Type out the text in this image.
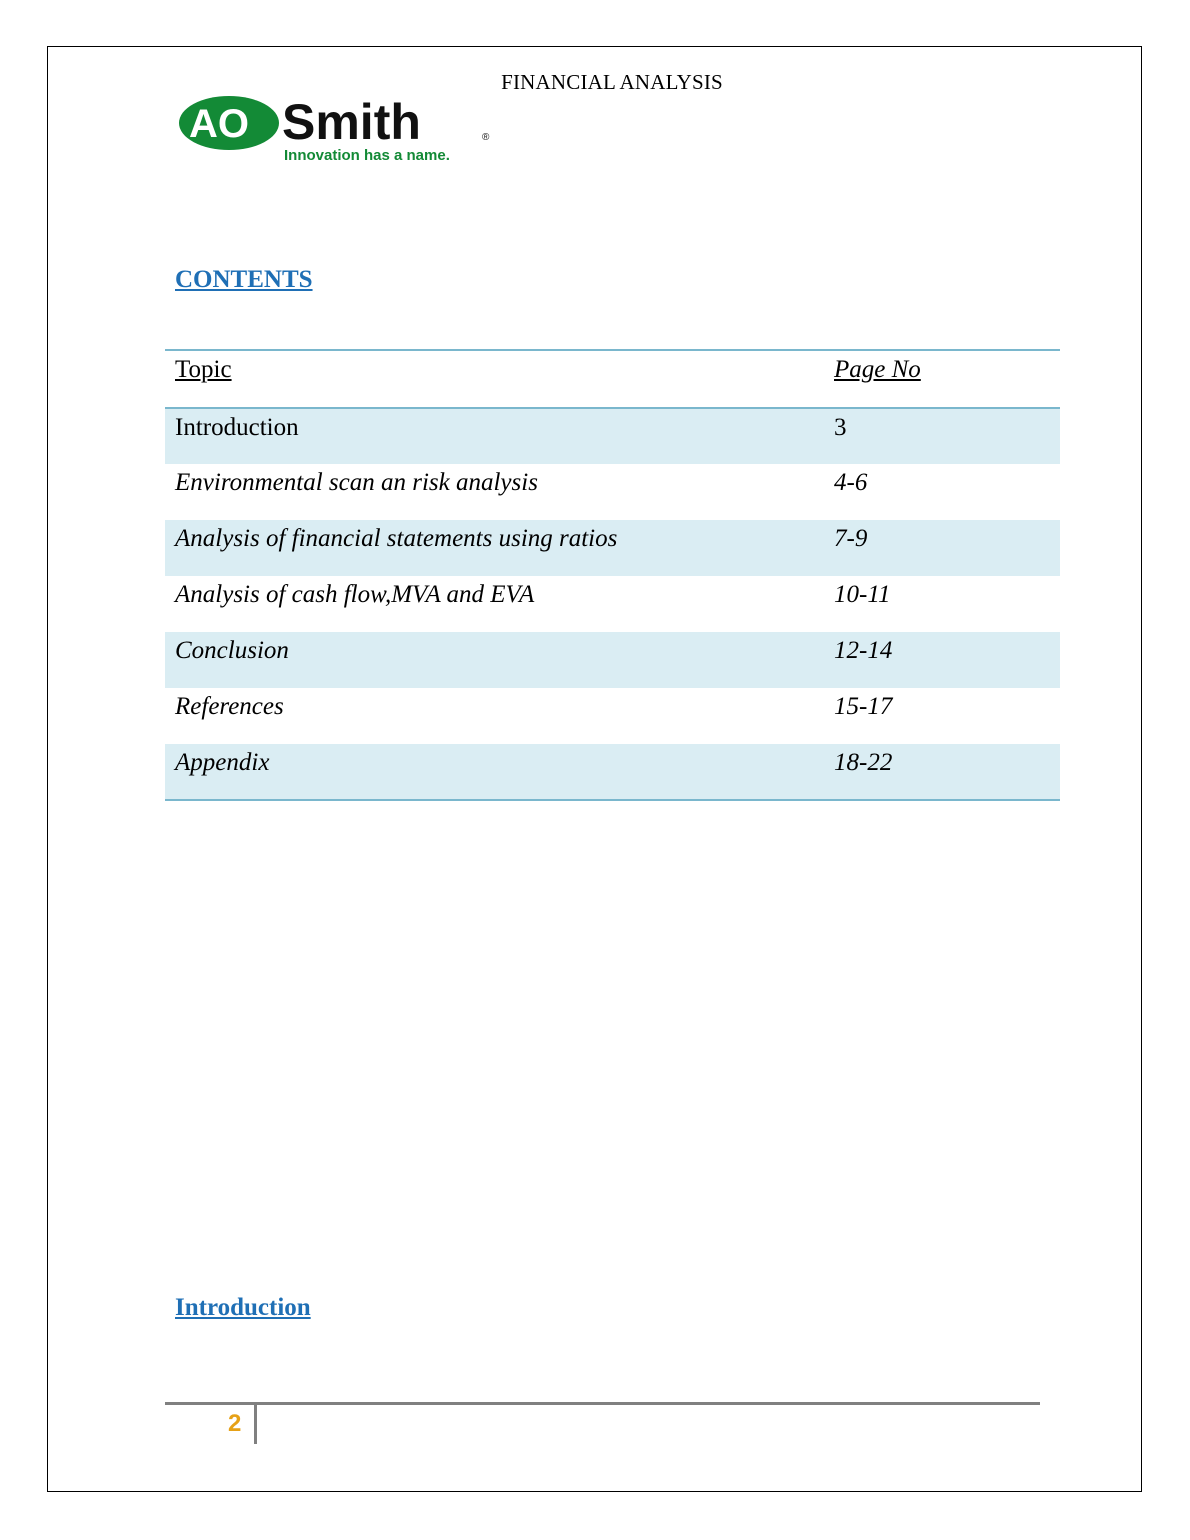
FINANCIAL ANALYSIS
AO Smith	®
Innovation has a name.
CONTENTS
Topic	Page No
Introduction	3
Environmental scan an risk analysis	4-6
Analysis of financial statements using ratios	7-9
Analysis of cash flow,MVA and EVA	10-11
Conclusion	12-14
References	15-17
Appendix	18-22
Introduction
2
